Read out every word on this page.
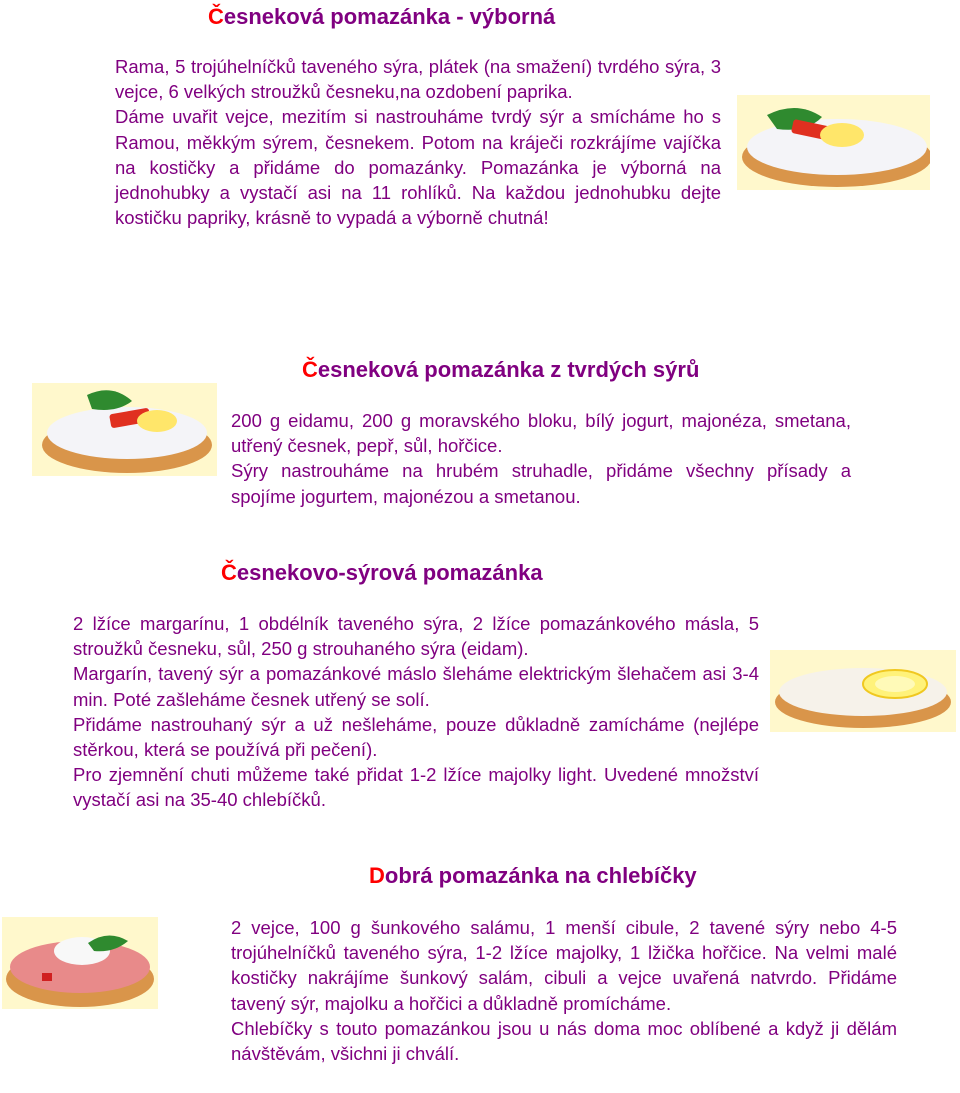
Česneková pomazánka - výborná

Rama, 5 trojúhelníčků taveného sýra, plátek (na smažení) tvrdého sýra, 3 vejce, 6 velkých stroužků česneku,na ozdobení paprika.

Dáme uvařit vejce, mezitím si nastrouháme tvrdý sýr a smícháme ho s Ramou, měkkým sýrem, česnekem. Potom na kráječi rozkrájíme vajíčka na kostičky a přidáme do pomazánky. Pomazánka je výborná na jednohubky a vystačí asi na 11 rohlíků. Na každou jednohubku dejte kostičku papriky, krásně to vypadá a výborně chutná!

Česneková pomazánka z tvrdých sýrů

200 g eidamu, 200 g moravského bloku, bílý jogurt, majonéza, smetana, utřený česnek, pepř, sůl, hořčice.

Sýry nastrouháme na hrubém struhadle, přidáme všechny přísady a spojíme jogurtem, majonézou a smetanou.

Česnekovo-sýrová pomazánka

2 lžíce margarínu, 1 obdélník taveného sýra, 2 lžíce pomazánkového másla, 5 stroužků česneku, sůl, 250 g strouhaného sýra (eidam).

Margarín, tavený sýr a pomazánkové máslo šleháme elektrickým šlehačem asi 3-4 min. Poté zašleháme česnek utřený se solí.

Přidáme nastrouhaný sýr a už nešleháme, pouze důkladně zamícháme (nejlépe stěrkou, která se používá při pečení).

Pro zjemnění chuti můžeme také přidat 1-2 lžíce majolky light. Uvedené množství vystačí asi na 35-40 chlebíčků.

Dobrá pomazánka na chlebíčky

2 vejce, 100 g šunkového salámu, 1 menší cibule, 2 tavené sýry nebo 4-5 trojúhelníčků taveného sýra, 1-2 lžíce majolky, 1 lžička hořčice. Na velmi malé kostičky nakrájíme šunkový salám, cibuli a vejce uvařená natvrdo. Přidáme tavený sýr, majolku a hořčici a důkladně promícháme.

Chlebíčky s touto pomazánkou jsou u nás doma moc oblíbené a když ji dělám návštěvám, všichni ji chválí.
